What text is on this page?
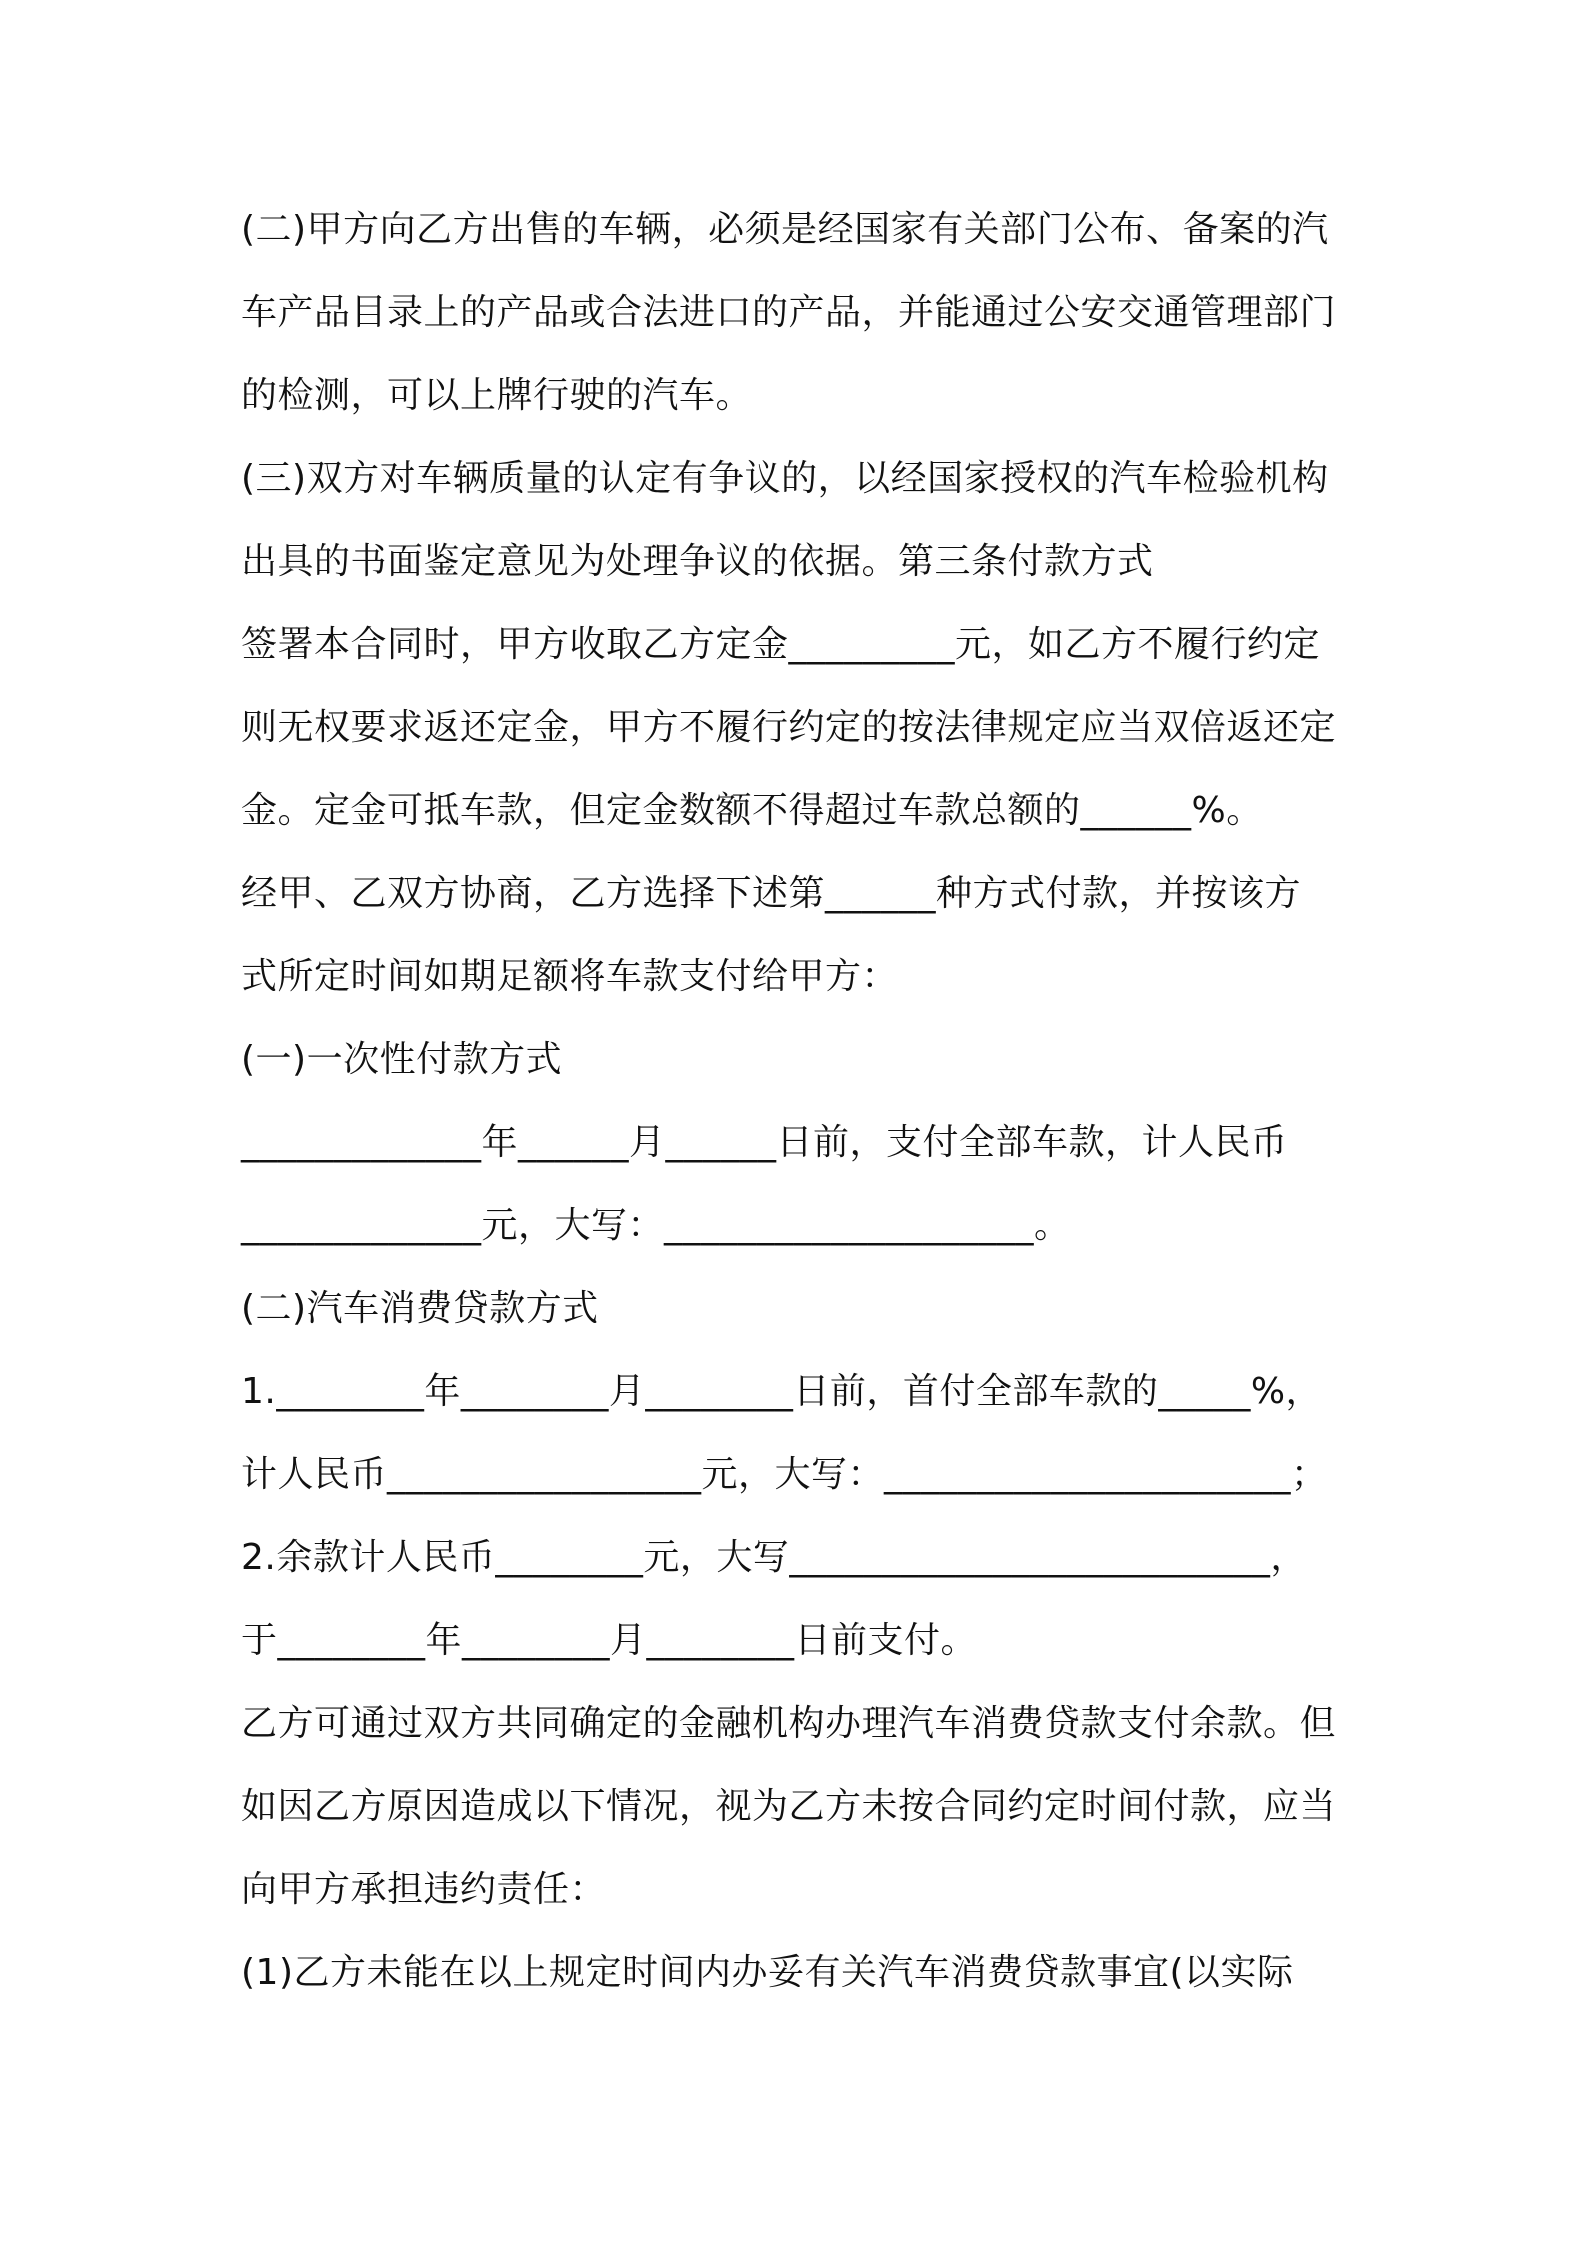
(二)甲方向乙方出售的车辆，必须是经国家有关部门公布、备案的汽
车产品目录上的产品或合法进口的产品，并能通过公安交通管理部门
的检测，可以上牌行驶的汽车。
(三)双方对车辆质量的认定有争议的，以经国家授权的汽车检验机构
出具的书面鉴定意见为处理争议的依据。第三条付款方式
签署本合同时，甲方收取乙方定金_________元，如乙方不履行约定
则无权要求返还定金，甲方不履行约定的按法律规定应当双倍返还定
金。定金可抵车款，但定金数额不得超过车款总额的______%。
经甲、乙双方协商，乙方选择下述第______种方式付款，并按该方
式所定时间如期足额将车款支付给甲方：
(一)一次性付款方式
_____________年______月______日前，支付全部车款，计人民币
_____________元，大写：____________________。
(二)汽车消费贷款方式
1.________年________月________日前，首付全部车款的_____%，
计人民币_________________元，大写：______________________；
2.余款计人民币________元，大写__________________________，
于________年________月________日前支付。
乙方可通过双方共同确定的金融机构办理汽车消费贷款支付余款。但
如因乙方原因造成以下情况，视为乙方未按合同约定时间付款，应当
向甲方承担违约责任：
(1)乙方未能在以上规定时间内办妥有关汽车消费贷款事宜(以实际
